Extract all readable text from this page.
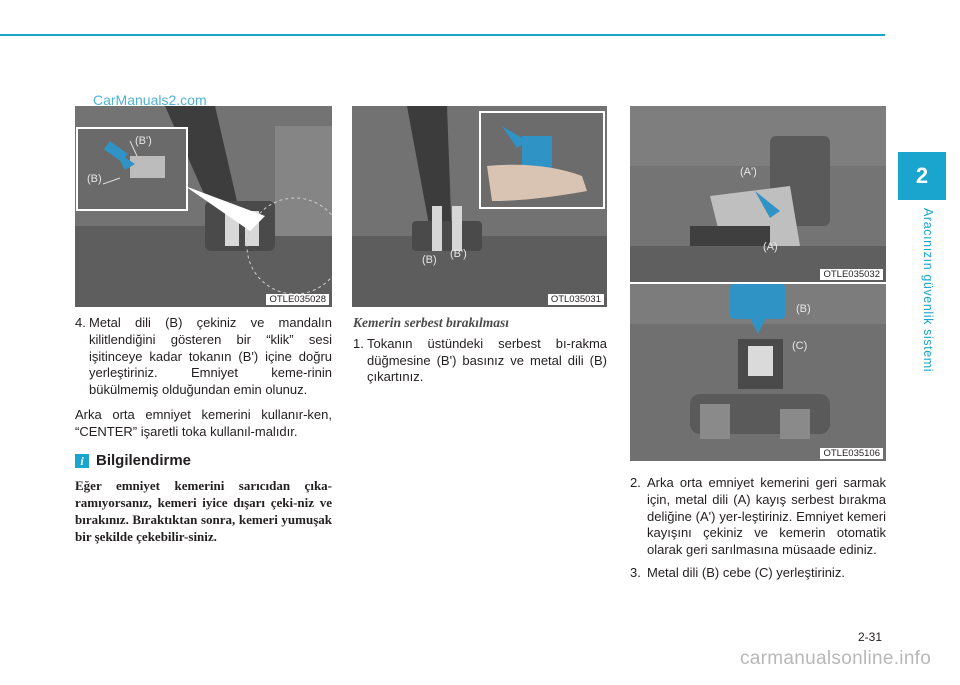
2
Aracınızın güvenlik sistemi
(B')
(B)
OTLE035028
CarManuals2.com
(B) (B')
OTL035031
(A')
(A)
OTLE035032
(B)
(C)
OTLE035106
4. Metal dili (B) çekiniz ve mandalın kilitlendiğini gösteren bir “klik” sesi işitinceye kadar tokanın (B') içine doğru yerleştiriniz. Emniyet keme-rinin bükülmemiş olduğundan emin olunuz.

Arka orta emniyet kemerini kullanır-ken, “CENTER” işaretli toka kullanıl-malıdır.

i Bilgilendirme

Eğer emniyet kemerini sarıcıdan çıka-ramıyorsanız, kemeri iyice dışarı çeki-niz ve bırakınız. Bıraktıktan sonra, kemeri yumuşak bir şekilde çekebilir-siniz.

Kemerin serbest bırakılması

1. Tokanın üstündeki serbest bı-rakma düğmesine (B') basınız ve metal dili (B) çıkartınız.
2. Arka orta emniyet kemerini geri sarmak için, metal dili (A) kayış serbest bırakma deliğine (A') yer-leştiriniz. Emniyet kemeri kayışını çekiniz ve kemerin otomatik olarak geri sarılmasına müsaade ediniz.
3. Metal dili (B) cebe (C) yerleştiriniz.
2-31
carmanualsonline.info
